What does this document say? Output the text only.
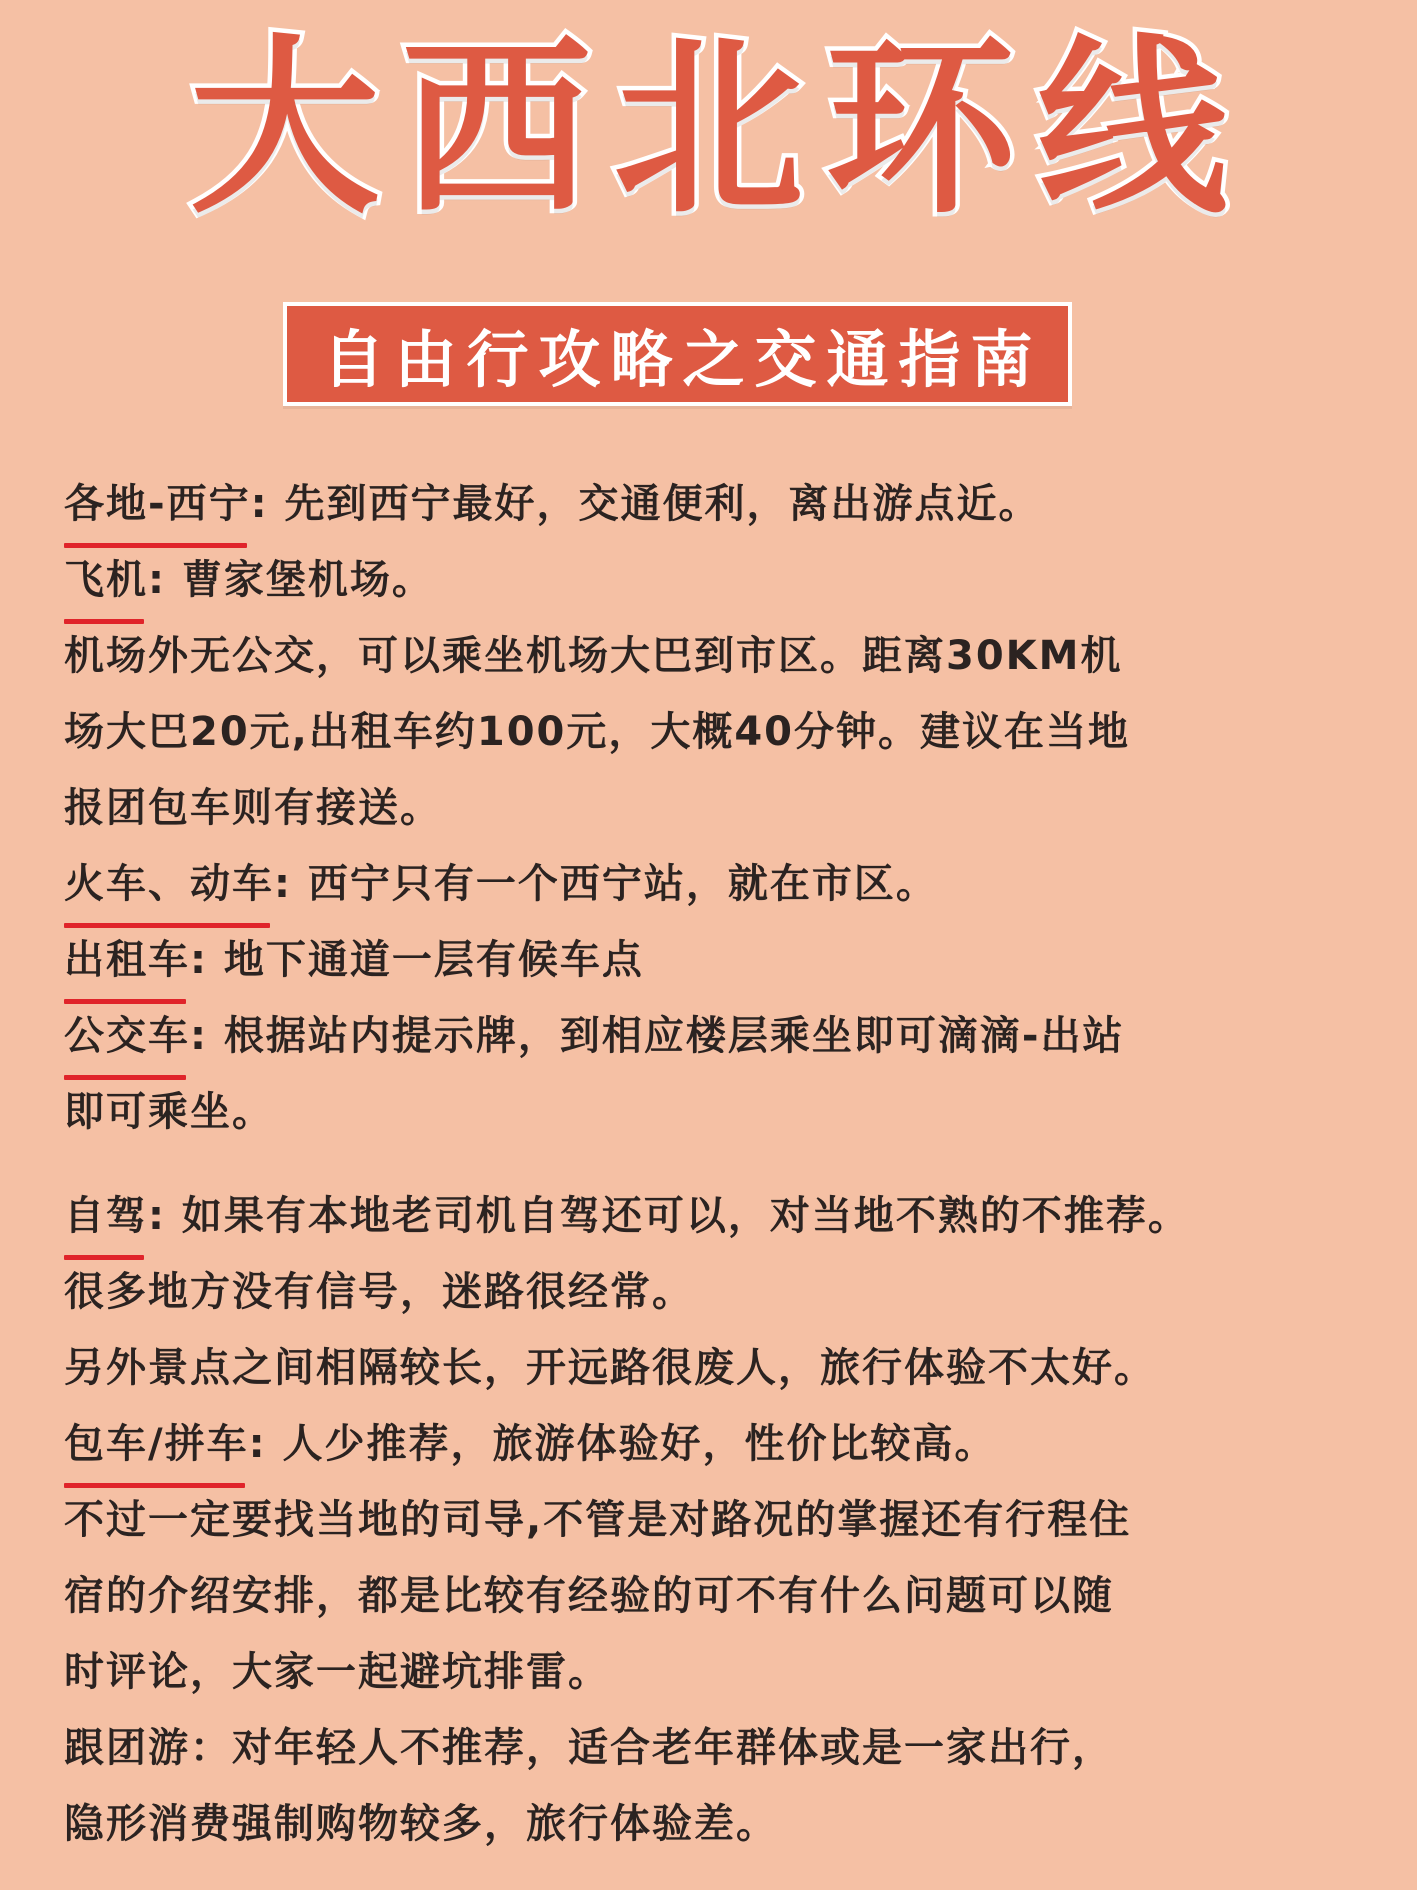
大西北环线
自由行攻略之交通指南
各地-西宁: 先到西宁最好，交通便利，离出游点近。
飞机: 曹家堡机场。
机场外无公交，可以乘坐机场大巴到市区。距离30KM机
场大巴20元,出租车约100元，大概40分钟。建议在当地
报团包车则有接送。
火车、动车: 西宁只有一个西宁站，就在市区。
出租车: 地下通道一层有候车点
公交车: 根据站内提示牌，到相应楼层乘坐即可滴滴-出站
即可乘坐。
自驾: 如果有本地老司机自驾还可以，对当地不熟的不推荐。
很多地方没有信号，迷路很经常。
另外景点之间相隔较长，开远路很废人，旅行体验不太好。
包车/拼车: 人少推荐，旅游体验好，性价比较高。
不过一定要找当地的司导,不管是对路况的掌握还有行程住
宿的介绍安排，都是比较有经验的可不有什么问题可以随
时评论，大家一起避坑排雷。
跟团游：对年轻人不推荐，适合老年群体或是一家出行，
隐形消费强制购物较多，旅行体验差。
